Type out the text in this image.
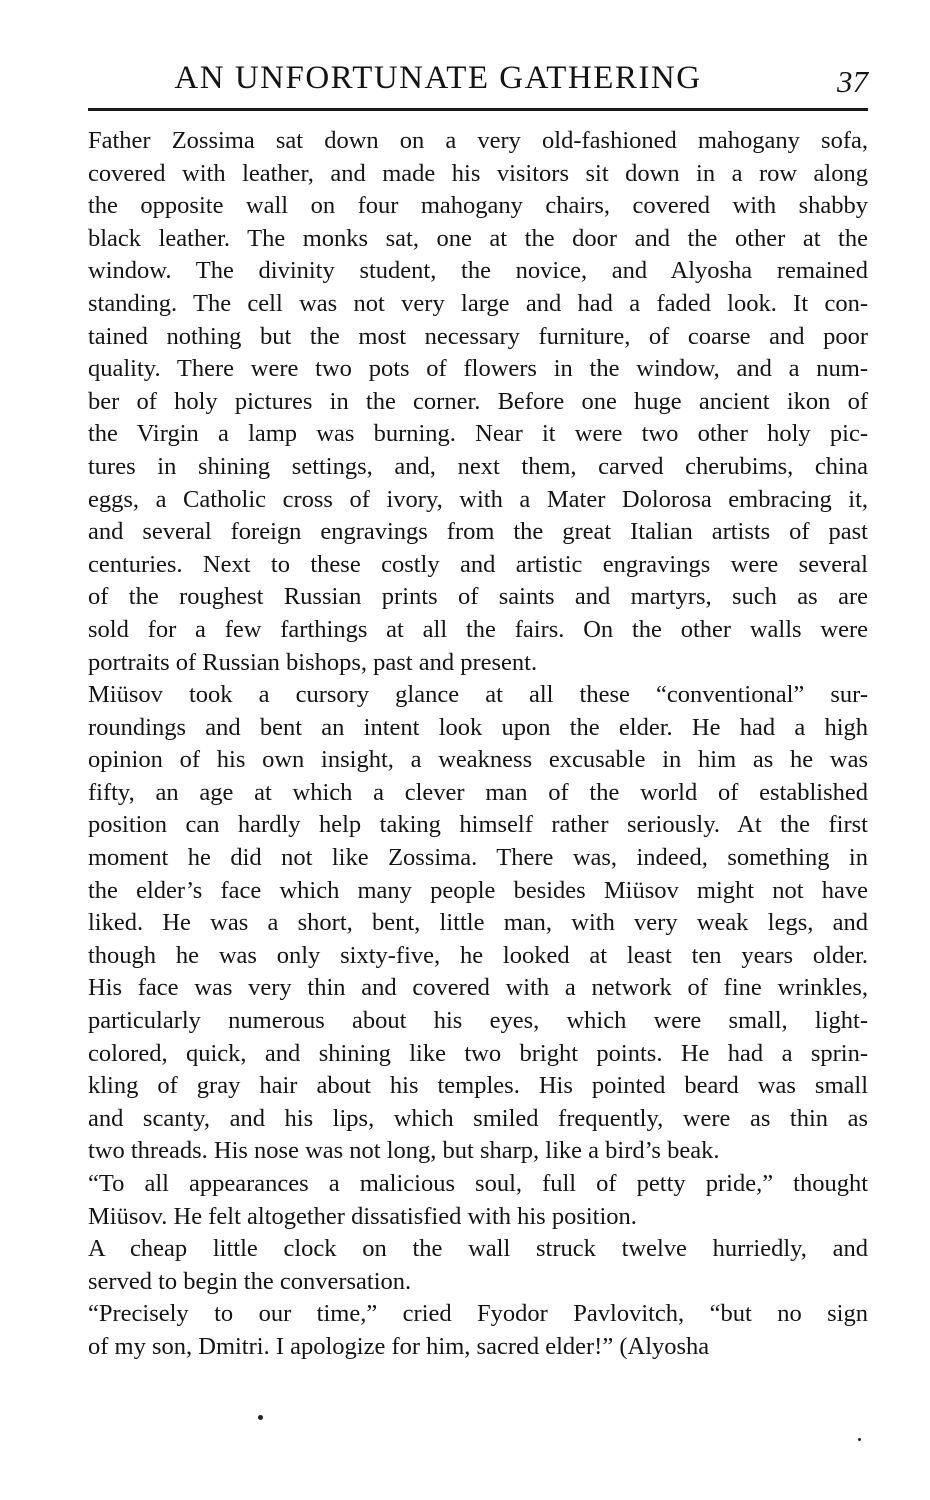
AN UNFORTUNATE GATHERING	37

Father Zossima sat down on a very old-fashioned mahogany sofa,
covered with leather, and made his visitors sit down in a row along
the opposite wall on four mahogany chairs, covered with shabby
black leather. The monks sat, one at the door and the other at the
window. The divinity student, the novice, and Alyosha remained
standing. The cell was not very large and had a faded look. It con-
tained nothing but the most necessary furniture, of coarse and poor
quality. There were two pots of flowers in the window, and a num-
ber of holy pictures in the corner. Before one huge ancient ikon of
the Virgin a lamp was burning. Near it were two other holy pic-
tures in shining settings, and, next them, carved cherubims, china
eggs, a Catholic cross of ivory, with a Mater Dolorosa embracing it,
and several foreign engravings from the great Italian artists of past
centuries. Next to these costly and artistic engravings were several
of the roughest Russian prints of saints and martyrs, such as are
sold for a few farthings at all the fairs. On the other walls were
portraits of Russian bishops, past and present.

Miüsov took a cursory glance at all these “conventional” sur-
roundings and bent an intent look upon the elder. He had a high
opinion of his own insight, a weakness excusable in him as he was
fifty, an age at which a clever man of the world of established
position can hardly help taking himself rather seriously. At the first
moment he did not like Zossima. There was, indeed, something in
the elder’s face which many people besides Miüsov might not have
liked. He was a short, bent, little man, with very weak legs, and
though he was only sixty-five, he looked at least ten years older.
His face was very thin and covered with a network of fine wrinkles,
particularly numerous about his eyes, which were small, light-
colored, quick, and shining like two bright points. He had a sprin-
kling of gray hair about his temples. His pointed beard was small
and scanty, and his lips, which smiled frequently, were as thin as
two threads. His nose was not long, but sharp, like a bird’s beak.

“To all appearances a malicious soul, full of petty pride,” thought
Miüsov. He felt altogether dissatisfied with his position.

A cheap little clock on the wall struck twelve hurriedly, and
served to begin the conversation.

“Precisely to our time,” cried Fyodor Pavlovitch, “but no sign
of my son, Dmitri. I apologize for him, sacred elder!” (Alyosha
